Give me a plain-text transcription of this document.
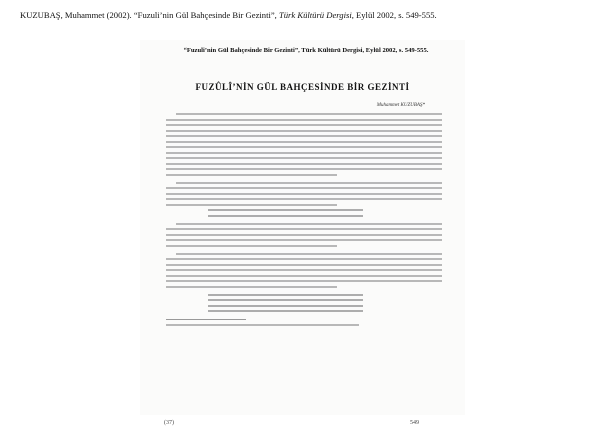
KUZUBAŞ, Muhammet (2002). “Fuzuli’nin Gül Bahçesinde Bir Gezinti”, Türk Kültürü Dergisi, Eylül 2002, s. 549-555.
“Fuzuli’nin Gül Bahçesinde Bir Gezinti”, Türk Kültürü Dergisi, Eylül 2002, s. 549-555.
FUZÛLÎ’NİN GÜL BAHÇESİNDE BİR GEZİNTİ
Muhammet KUZUBAŞ*
(37)	549
